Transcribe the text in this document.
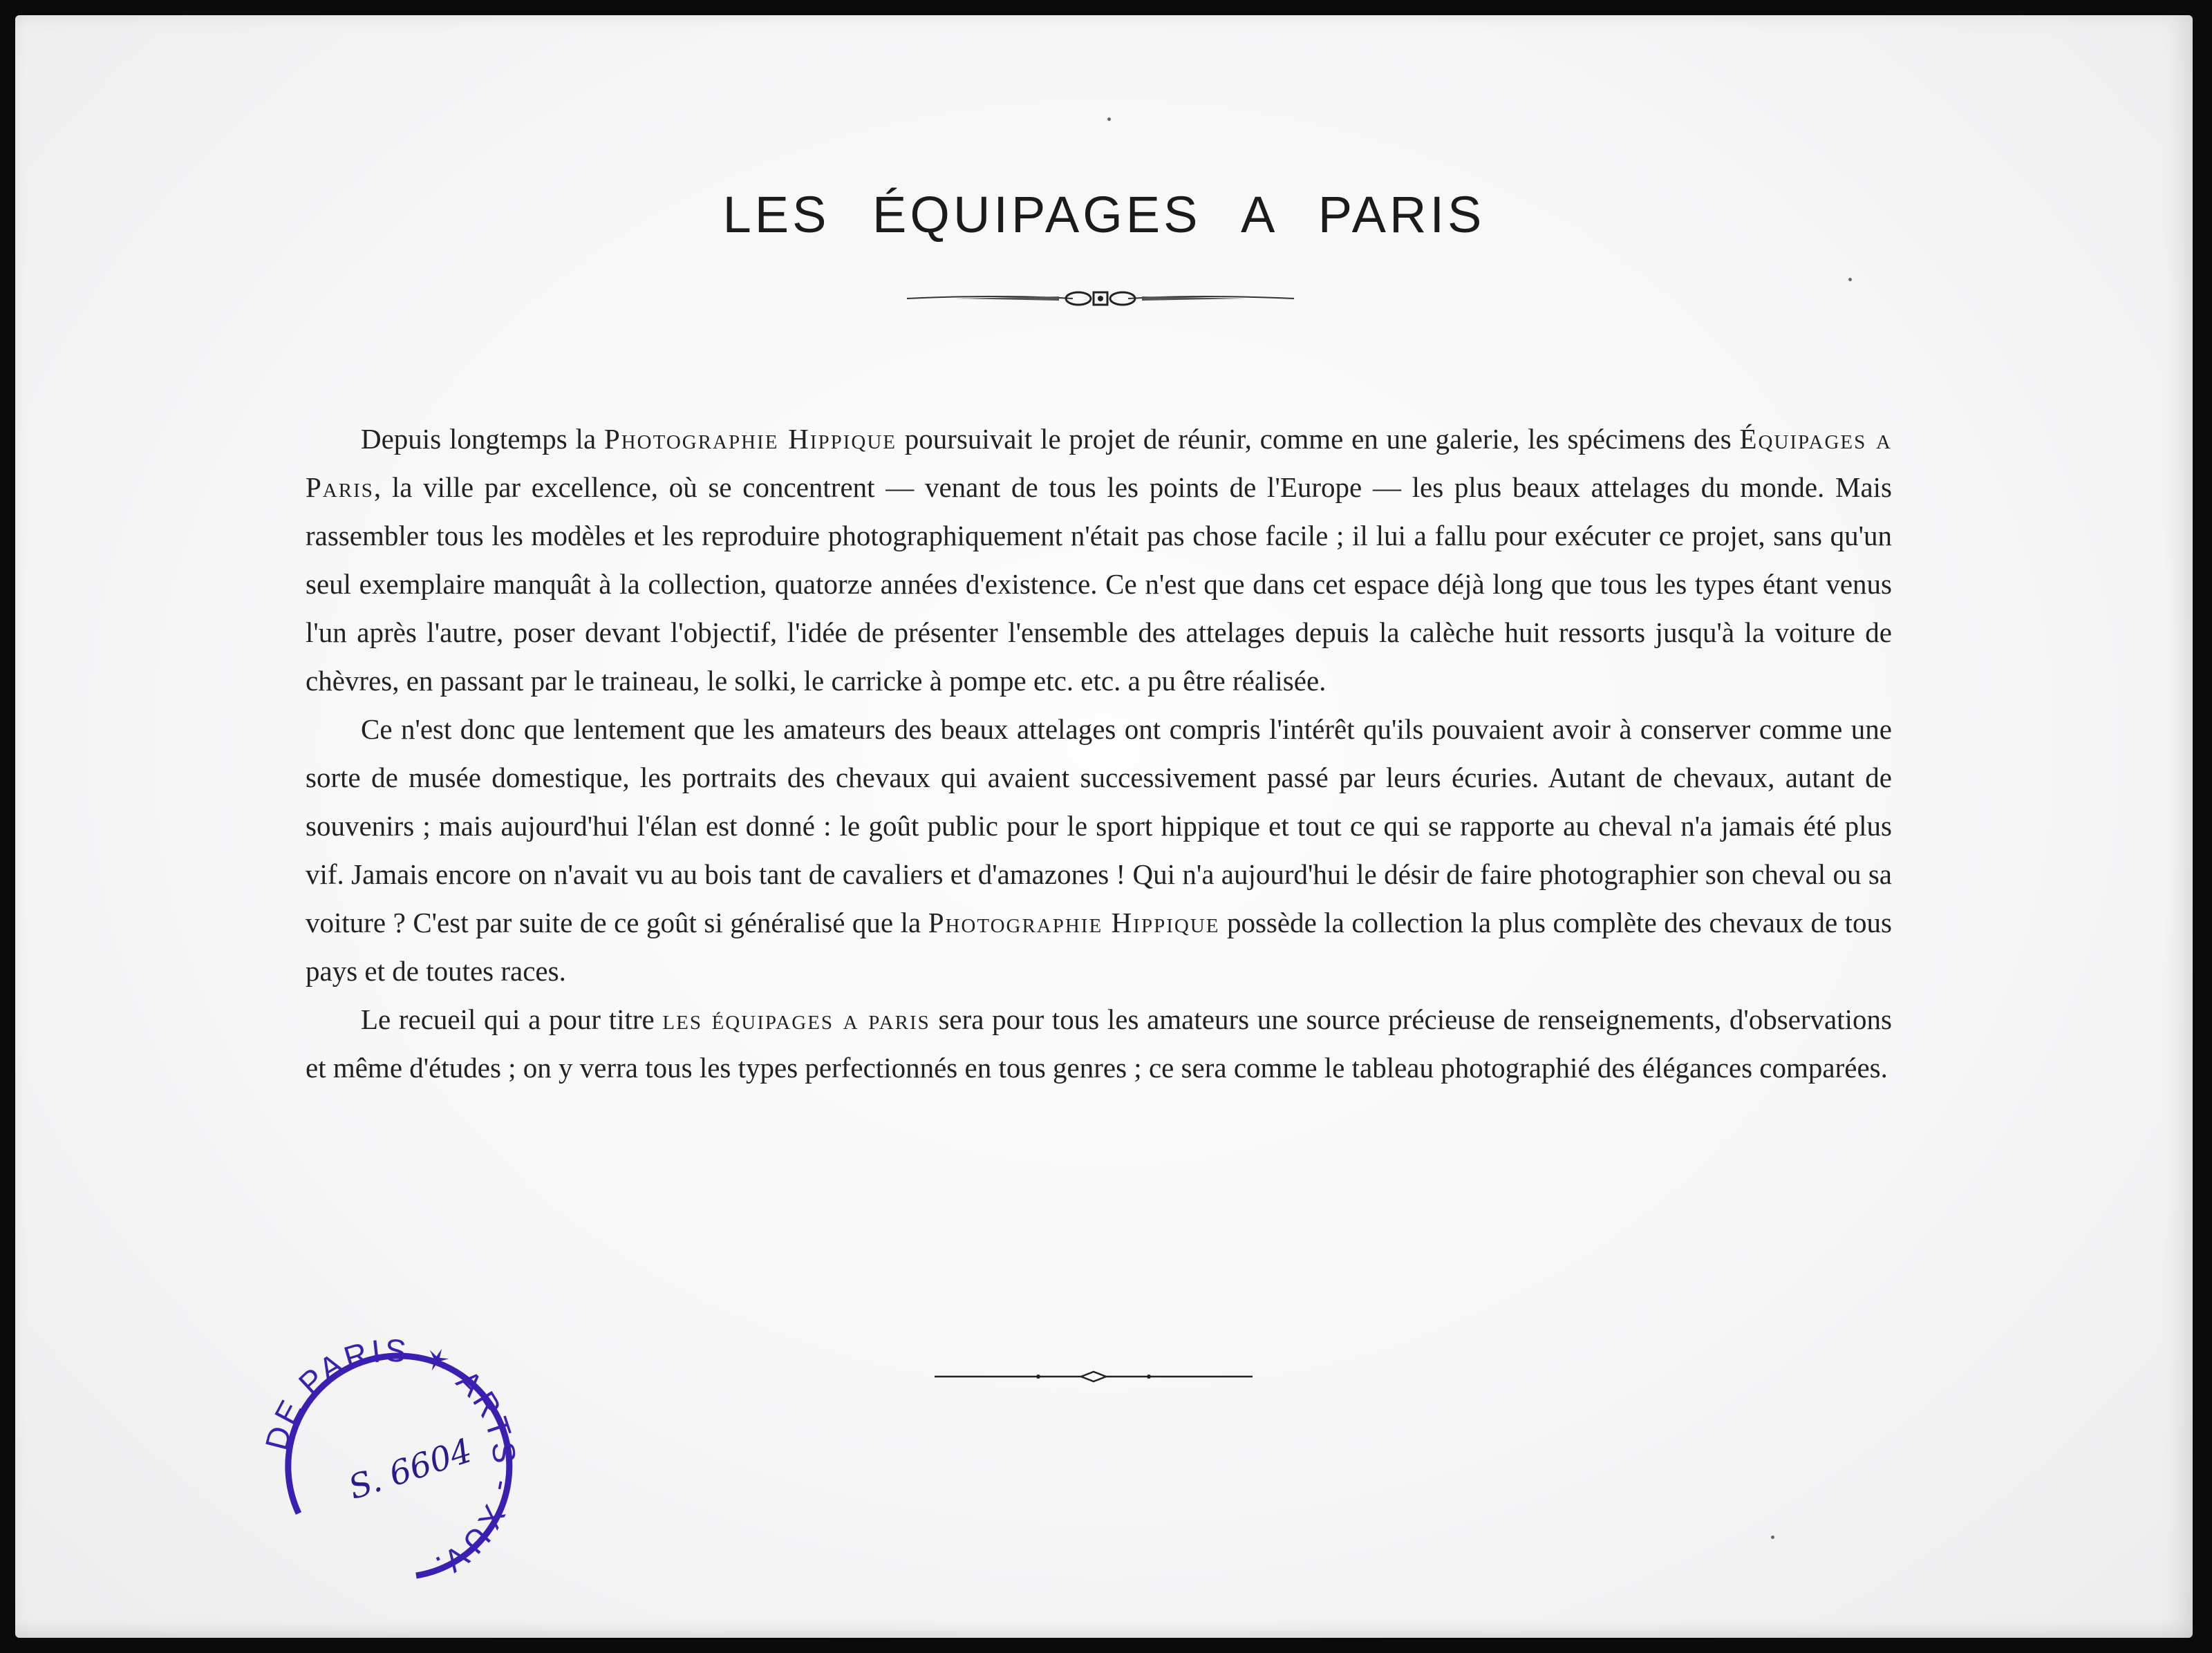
LES ÉQUIPAGES A PARIS

Depuis longtemps la Photographie Hippique poursuivait le projet de réunir, comme en une galerie, les spécimens des Équipages a Paris, la ville par excellence, où se concentrent — venant de tous les points de l'Europe — les plus beaux attelages du monde. Mais rassembler tous les modèles et les reproduire photographiquement n'était pas chose facile ; il lui a fallu pour exécuter ce projet, sans qu'un seul exemplaire manquât à la collection, quatorze années d'existence. Ce n'est que dans cet espace déjà long que tous les types étant venus l'un après l'autre, poser devant l'objectif, l'idée de présenter l'ensemble des attelages depuis la calèche huit ressorts jusqu'à la voiture de chèvres, en passant par le traineau, le solki, le carricke à pompe etc. etc. a pu être réalisée.

Ce n'est donc que lentement que les amateurs des beaux attelages ont compris l'intérêt qu'ils pouvaient avoir à conserver comme une sorte de musée domestique, les portraits des chevaux qui avaient successivement passé par leurs écuries. Autant de chevaux, autant de souvenirs ; mais aujourd'hui l'élan est donné : le goût public pour le sport hippique et tout ce qui se rapporte au cheval n'a jamais été plus vif. Jamais encore on n'avait vu au bois tant de cavaliers et d'amazones ! Qui n'a aujourd'hui le désir de faire photographier son cheval ou sa voiture ? C'est par suite de ce goût si généralisé que la Photographie Hippique possède la collection la plus complète des chevaux de tous pays et de toutes races.

Le recueil qui a pour titre les équipages a paris sera pour tous les amateurs une source précieuse de renseignements, d'observations et même d'études ; on y verra tous les types perfectionnés en tous genres ; ce sera comme le tableau photographié des élégances comparées.

DE PARIS ✶ ARTS - XUV.
S. 6604
